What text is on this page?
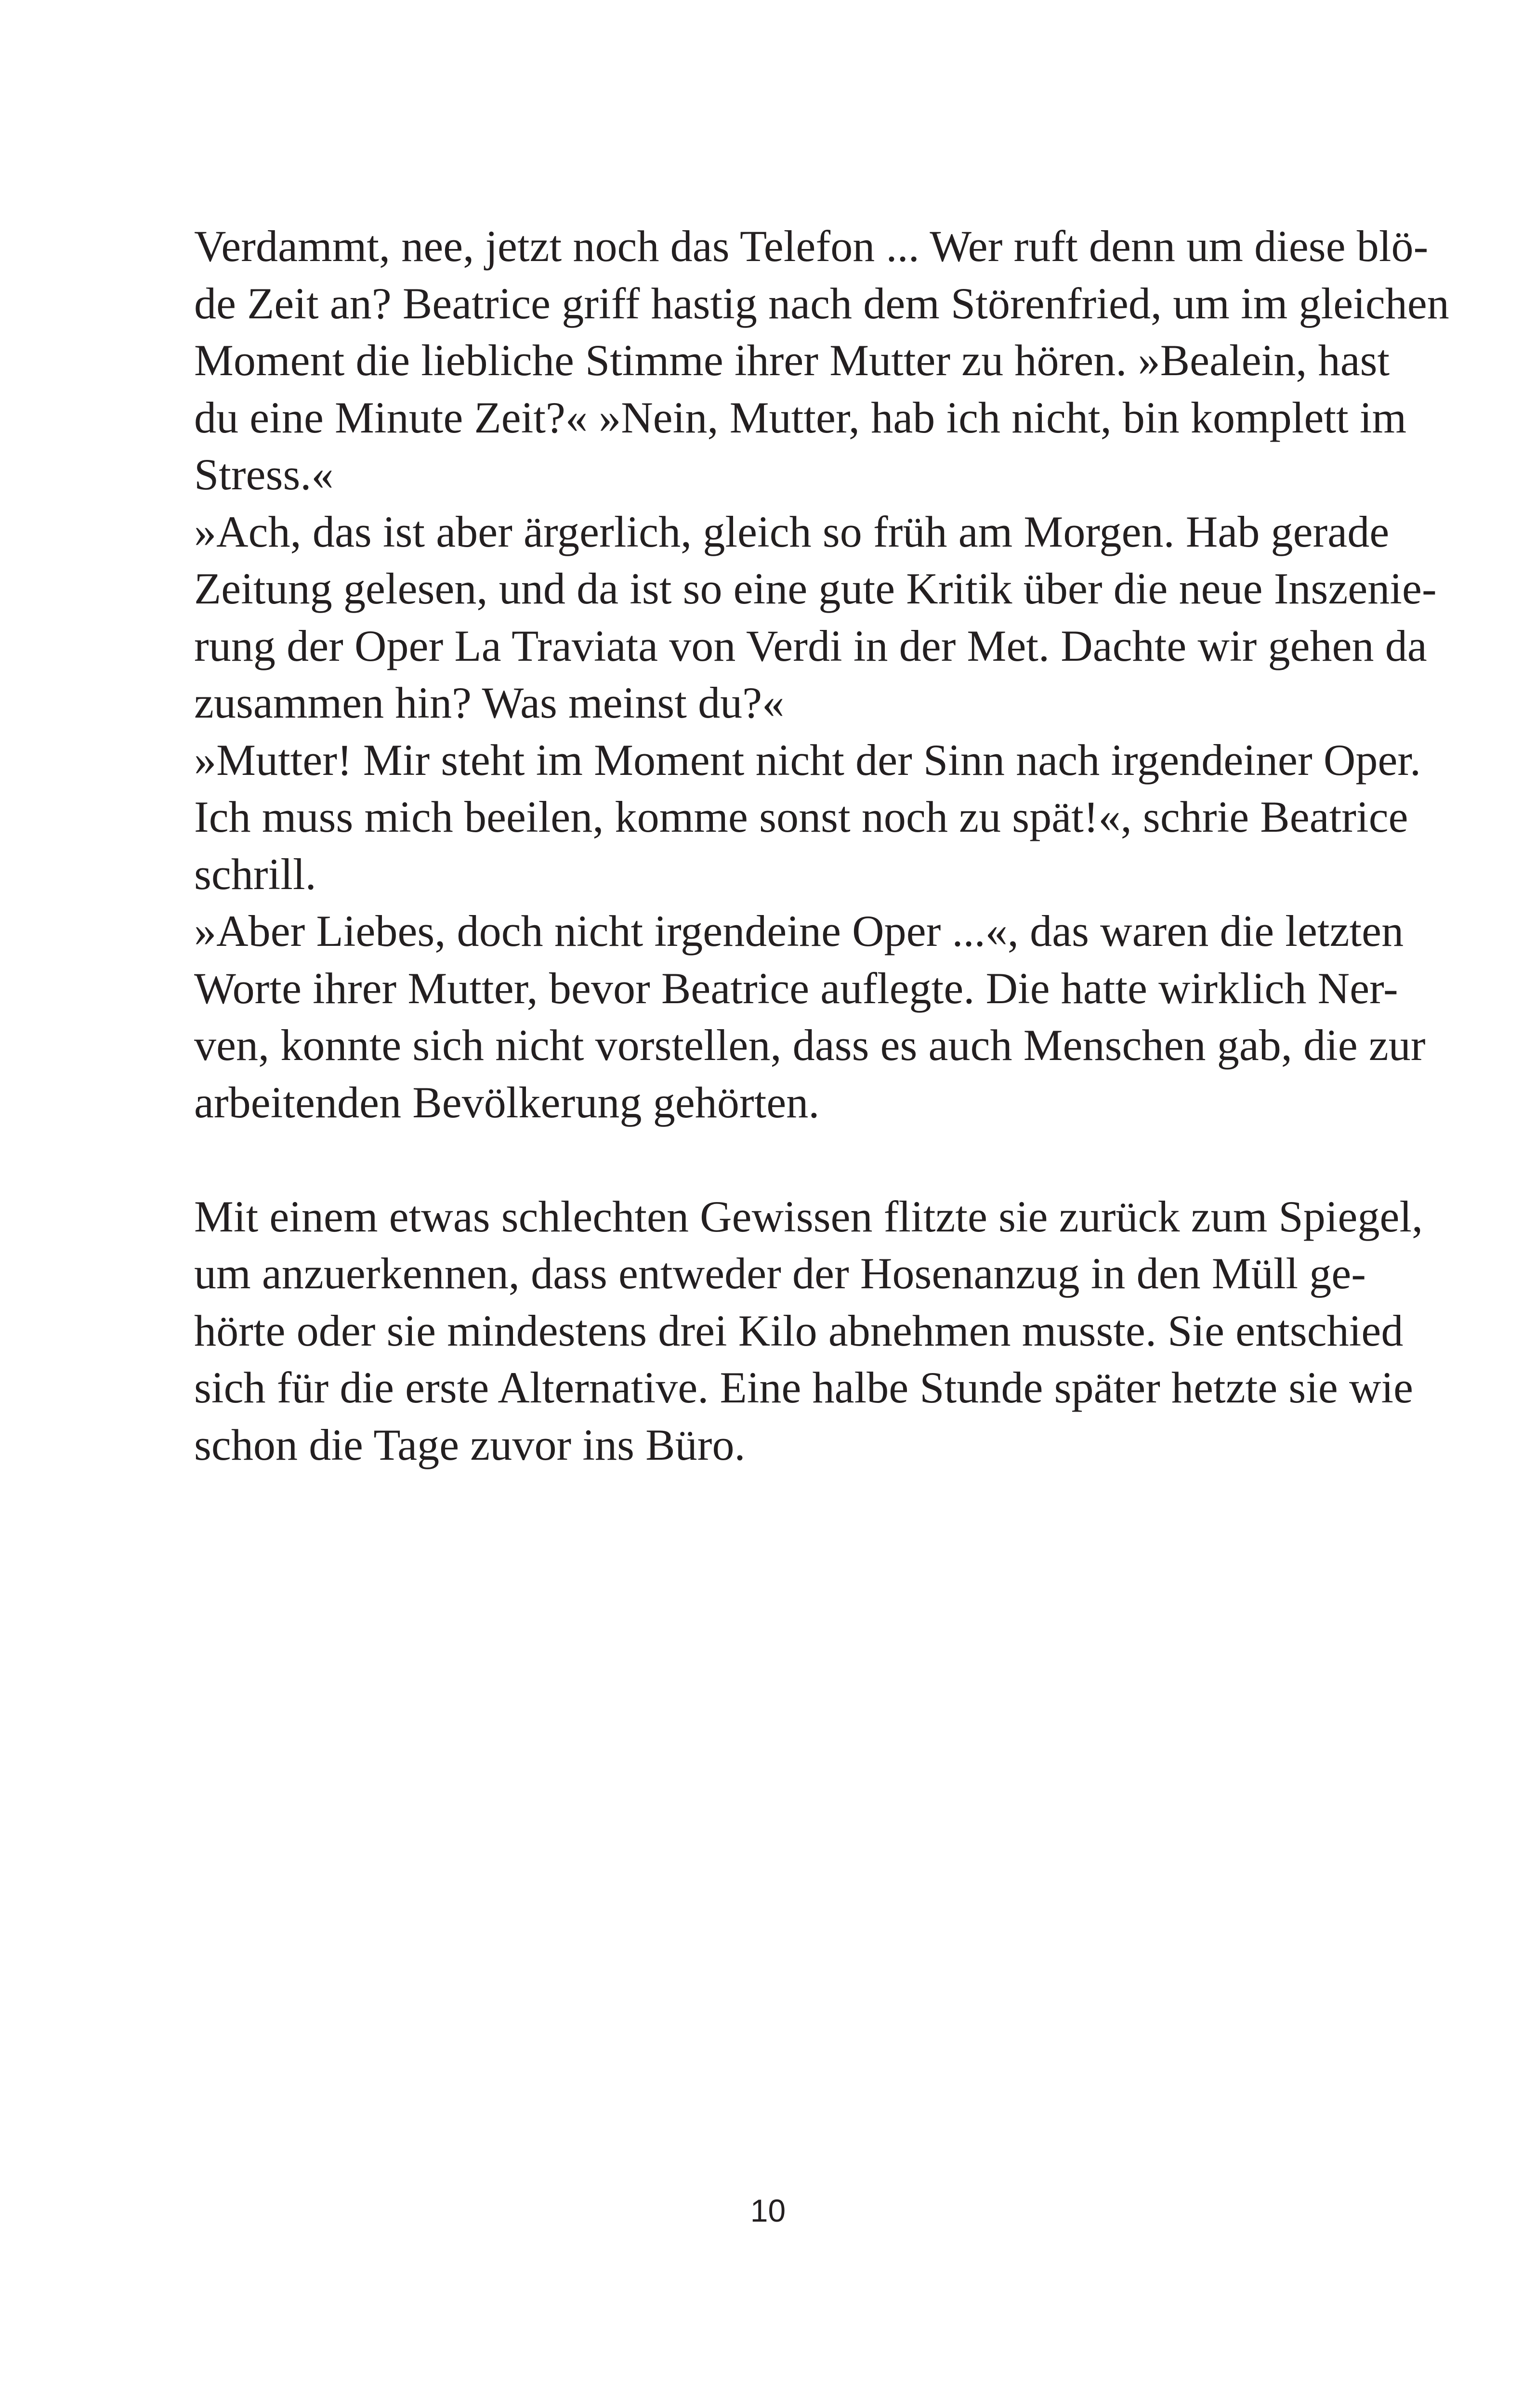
Verdammt, nee, jetzt noch das Telefon ... Wer ruft denn um diese blö-
de Zeit an? Beatrice griff hastig nach dem Störenfried, um im gleichen
Moment die liebliche Stimme ihrer Mutter zu hören. »Bealein, hast
du eine Minute Zeit?« »Nein, Mutter, hab ich nicht, bin komplett im
Stress.«
»Ach, das ist aber ärgerlich, gleich so früh am Morgen. Hab gerade
Zeitung gelesen, und da ist so eine gute Kritik über die neue Inszenie-
rung der Oper La Traviata von Verdi in der Met. Dachte wir gehen da
zusammen hin? Was meinst du?«
»Mutter! Mir steht im Moment nicht der Sinn nach irgendeiner Oper.
Ich muss mich beeilen, komme sonst noch zu spät!«, schrie Beatrice
schrill.
»Aber Liebes, doch nicht irgendeine Oper ...«, das waren die letzten
Worte ihrer Mutter, bevor Beatrice auflegte. Die hatte wirklich Ner-
ven, konnte sich nicht vorstellen, dass es auch Menschen gab, die zur
arbeitenden Bevölkerung gehörten.
Mit einem etwas schlechten Gewissen flitzte sie zurück zum Spiegel,
um anzuerkennen, dass entweder der Hosenanzug in den Müll ge-
hörte oder sie mindestens drei Kilo abnehmen musste. Sie entschied
sich für die erste Alternative. Eine halbe Stunde später hetzte sie wie
schon die Tage zuvor ins Büro.
10
